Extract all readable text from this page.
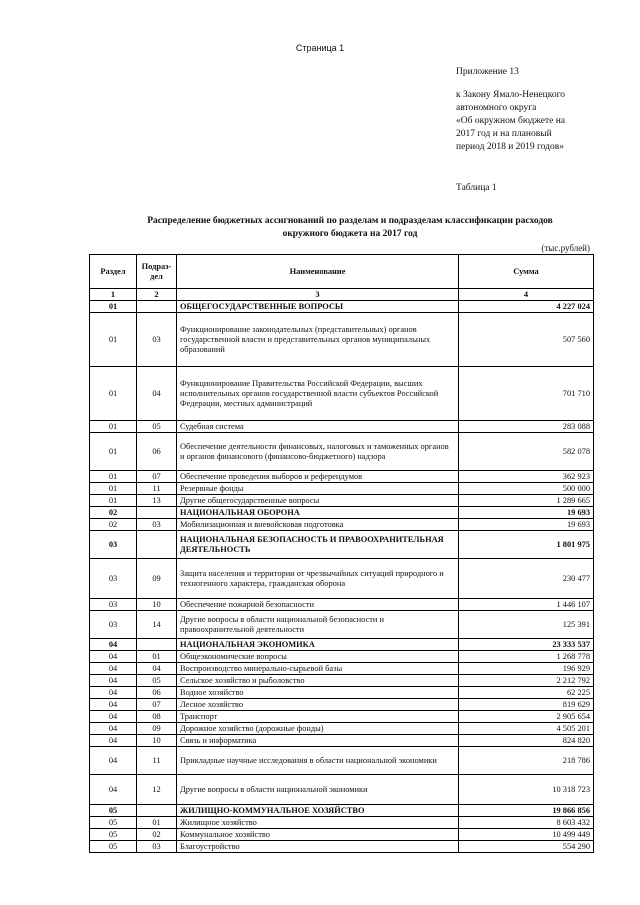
Страница 1
Приложение 13
к Закону Ямало-Ненецкого
автономного округа
«Об окружном бюджете на
2017 год и на плановый
период 2018 и 2019 годов»
Таблица 1
Распределение бюджетных ассигнований по разделам и подразделам классификации расходов
окружного бюджета на 2017 год
(тыс.рублей)
Раздел	Подраз-дел	Наименование	Сумма
1	2	3	4
01		ОБЩЕГОСУДАРСТВЕННЫЕ ВОПРОСЫ	4 227 024
01	03	Функционирование законодательных (представительных) органов государственной власти и представительных органов муниципальных образований	507 560
01	04	Функционирование Правительства Российской Федерации, высших исполнительных органов государственной власти субъектов Российской Федерации, местных администраций	701 710
01	05	Судебная система	283 088
01	06	Обеспечение деятельности финансовых, налоговых и таможенных органов и органов финансового (финансово-бюджетного) надзора	582 078
01	07	Обеспечение проведения выборов и референдумов	362 923
01	11	Резервные фонды	500 000
01	13	Другие общегосударственные вопросы	1 289 665
02		НАЦИОНАЛЬНАЯ ОБОРОНА	19 693
02	03	Мобилизационная и вневойсковая подготовка	19 693
03		НАЦИОНАЛЬНАЯ БЕЗОПАСНОСТЬ И ПРАВООХРАНИТЕЛЬНАЯ ДЕЯТЕЛЬНОСТЬ	1 801 975
03	09	Защита населения и территории от чрезвычайных ситуаций природного и техногенного характера, гражданская оборона	230 477
03	10	Обеспечение пожарной безопасности	1 446 107
03	14	Другие вопросы в области национальной безопасности и правоохранительной деятельности	125 391
04		НАЦИОНАЛЬНАЯ ЭКОНОМИКА	23 333 537
04	01	Общеэкономические вопросы	1 268 778
04	04	Воспроизводство минерально-сырьевой базы	196 929
04	05	Сельское хозяйство и рыболовство	2 212 792
04	06	Водное хозяйство	62 225
04	07	Лесное хозяйство	819 629
04	08	Транспорт	2 905 654
04	09	Дорожное хозяйство (дорожные фонды)	4 505 201
04	10	Связь и информатика	824 820
04	11	Прикладные научные исследования в области национальной экономики	218 786
04	12	Другие вопросы в области национальной экономики	10 318 723
05		ЖИЛИЩНО-КОММУНАЛЬНОЕ ХОЗЯЙСТВО	19 866 856
05	01	Жилищное хозяйство	8 603 432
05	02	Коммунальное хозяйство	10 499 449
05	03	Благоустройство	554 290
